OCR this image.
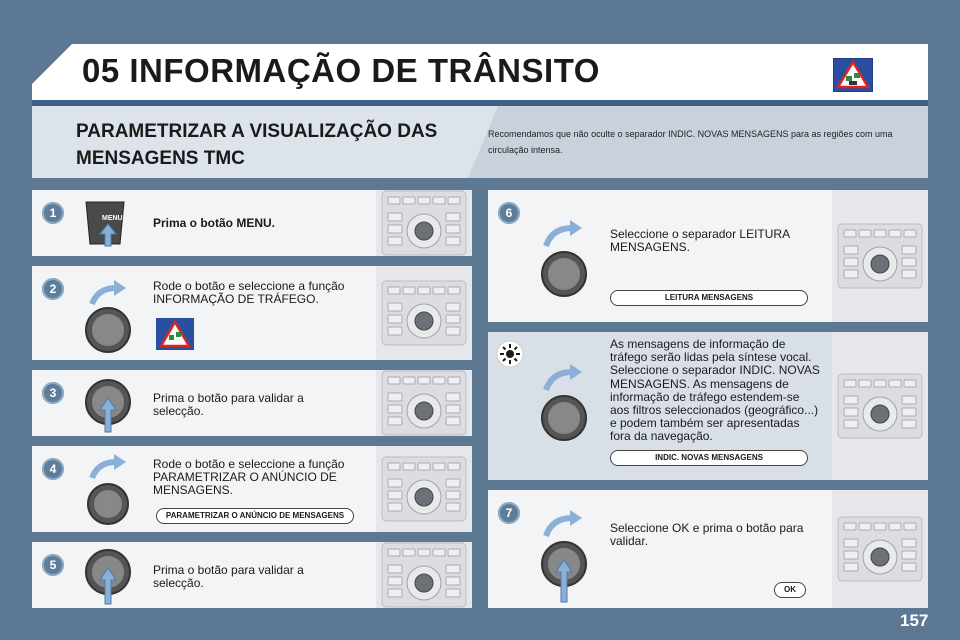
05 INFORMAÇÃO DE TRÂNSITO
PARAMETRIZAR A VISUALIZAÇÃO DAS MENSAGENS TMC
Recomendamos que não oculte o separador INDIC. NOVAS MENSAGENS para as regiões com uma circulação intensa.
1	MENU	Prima o botão MENU.
2	Rode o botão e seleccione a função INFORMAÇÃO DE TRÁFEGO.
3	Prima o botão para validar a selecção.
4	Rode o botão e seleccione a função PARAMETRIZAR O ANÚNCIO DE MENSAGENS.
PARAMETRIZAR O ANÚNCIO DE MENSAGENS
5	Prima o botão para validar a selecção.
6
Seleccione o separador LEITURA MENSAGENS.
LEITURA MENSAGENS
As mensagens de informação de tráfego serão lidas pela síntese vocal. Seleccione o separador INDIC. NOVAS MENSAGENS. As mensagens de informação de tráfego estendem-se aos filtros seleccionados (geográfico...) e podem também ser apresentadas fora da navegação.
INDIC. NOVAS MENSAGENS
7
Seleccione OK e prima o botão para validar.
OK
157
